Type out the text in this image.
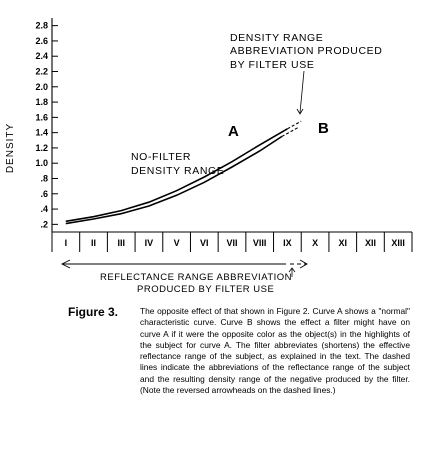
DENSITY
.2
.4
.6
.8
1.0
1.2
1.4
1.6
1.8
2.0
2.2
2.4
2.6
2.8
I	II III IV V VI VII VIII IX X XI XII XIII
A	B
DENSITY RANGE
ABBREVIATION PRODUCED
BY FILTER USE
NO-FILTER
DENSITY RANGE
REFLECTANCE RANGE ABBREVIATION
PRODUCED BY FILTER USE
Figure 3.	The opposite effect of that shown in Figure 2. Curve A shows a "normal" characteristic curve. Curve B shows the effect a filter might have on curve A if it were the opposite color as the object(s) in the highlights of the subject for curve A. The filter abbreviates (shortens) the effective reflectance range of the subject, as explained in the text. The dashed lines indicate the abbreviations of the reflectance range of the subject and the resulting density range of the negative produced by the filter. (Note the reversed arrowheads on the dashed lines.)
